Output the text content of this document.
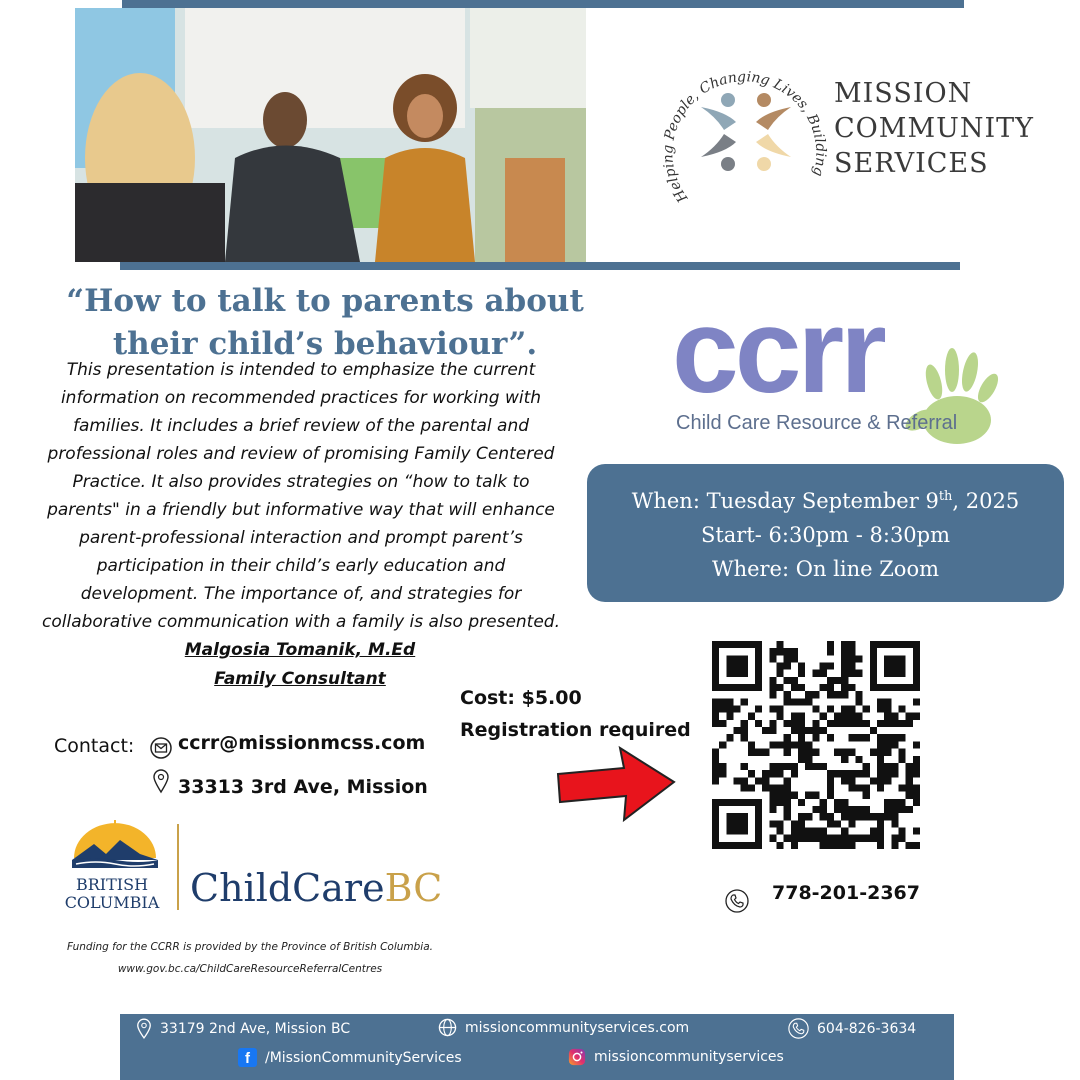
Helpi People, Changing Lives, Building
MISSION
COMMUNITY
SERVICES
“How to talk to parents about
their child’s behaviour”.
This presentation is intended to emphasize the current information on recommended practices for working with families. It includes a brief review of the parental and professional roles and review of promising Family Centered Practice. It also provides strategies on “how to talk to parents" in a friendly but informative way that will enhance parent-professional interaction and prompt parent’s participation in their child’s early education and development. The importance of, and strategies for collaborative communication with a family is also presented.
Malgosia Tomanik, M.Ed
Family Consultant
ccrr
Child Care Resource & Referral
When: Tuesday September 9th, 2025
Start- 6:30pm - 8:30pm
Where: On line Zoom
Cost: $5.00
Registration required
Contact: ccrr@missionmcss.com
33313 3rd Ave, Mission
778-201-2367
BRITISH
COLUMBIA ChildCareBC
Funding for the CCRR is provided by the Province of British Columbia.
www.gov.bc.ca/ChildCareResourceReferralCentres
33179 2nd Ave, Mission BC	missioncommunityservices.com	604-826-3634
f	/MissionCommunityServices	missioncommunityservices
